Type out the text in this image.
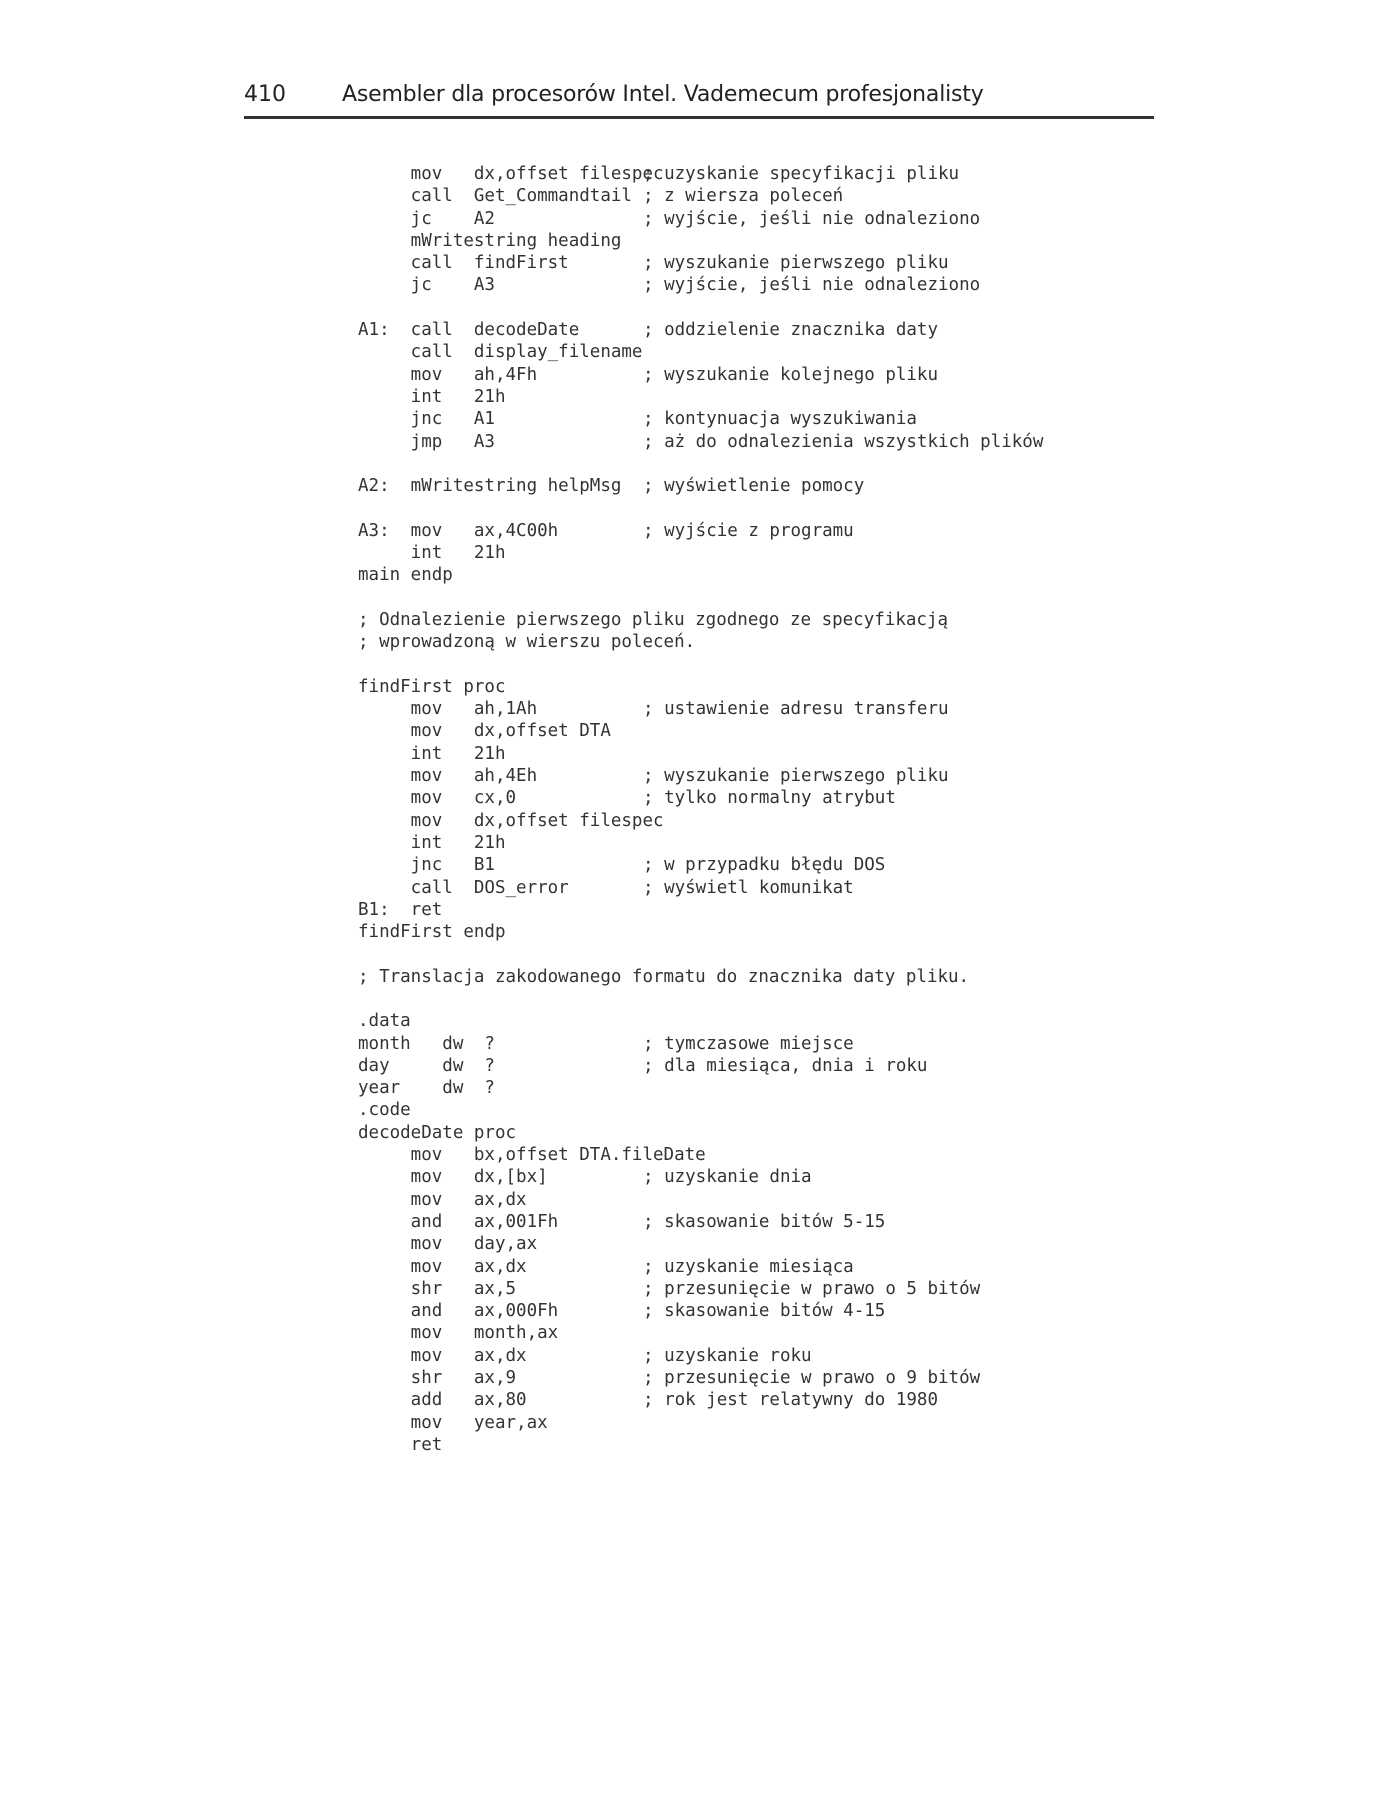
410	Asembler dla procesorów Intel. Vademecum profesjonalisty
mov   dx,offset filespec; uzyskanie specyfikacji pliku
call  Get_Commandtail ; z wiersza poleceń
jc    A2	; wyjście, jeśli nie odnaleziono
mWritestring heading
call  findFirst	; wyszukanie pierwszego pliku
jc    A3	; wyjście, jeśli nie odnaleziono
A1:  call  decodeDate	; oddzielenie znacznika daty
call  display_filename
mov   ah,4Fh	; wyszukanie kolejnego pliku
int   21h
jnc   A1	; kontynuacja wyszukiwania
jmp   A3	; aż do odnalezienia wszystkich plików
A2:  mWritestring helpMsg ; wyświetlenie pomocy
A3:  mov   ax,4C00h	; wyjście z programu
int   21h
main endp
; Odnalezienie pierwszego pliku zgodnego ze specyfikacją
; wprowadzoną w wierszu poleceń.
findFirst proc
mov   ah,1Ah	; ustawienie adresu transferu
mov   dx,offset DTA
int   21h
mov   ah,4Eh	; wyszukanie pierwszego pliku
mov   cx,0	; tylko normalny atrybut
mov   dx,offset filespec
int   21h
jnc   B1	; w przypadku błędu DOS
call  DOS_error	; wyświetl komunikat
B1:  ret
findFirst endp
; Translacja zakodowanego formatu do znacznika daty pliku.
.data
month   dw  ?	; tymczasowe miejsce
day     dw  ?	; dla miesiąca, dnia i roku
year    dw  ?
.code
decodeDate proc
mov   bx,offset DTA.fileDate
mov   dx,[bx]	; uzyskanie dnia
mov   ax,dx
and   ax,001Fh	; skasowanie bitów 5-15
mov   day,ax
mov   ax,dx	; uzyskanie miesiąca
shr   ax,5	; przesunięcie w prawo o 5 bitów
and   ax,000Fh	; skasowanie bitów 4-15
mov   month,ax
mov   ax,dx	; uzyskanie roku
shr   ax,9	; przesunięcie w prawo o 9 bitów
add   ax,80	; rok jest relatywny do 1980
mov   year,ax
ret
